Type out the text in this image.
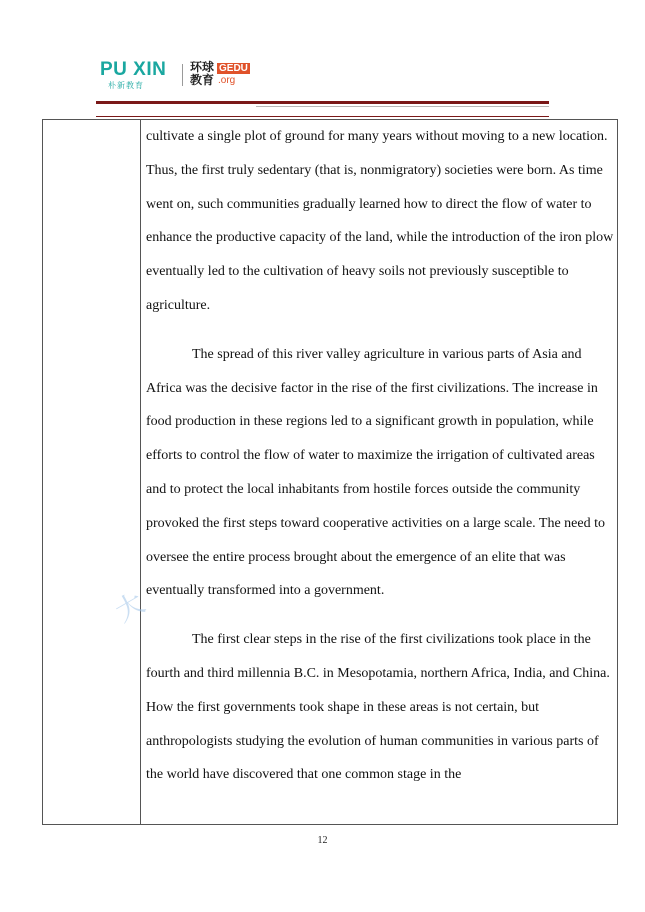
PU XIN
朴新教育
环球
教育
GEDU
.org

cultivate a single plot of ground for many years without moving to a new location. Thus, the first truly sedentary (that is, nonmigratory) societies were born. As time went on, such communities gradually learned how to direct the flow of water to enhance the productive capacity of the land, while the introduction of the iron plow eventually led to the cultivation of heavy soils not previously susceptible to agriculture.

The spread of this river valley agriculture in various parts of Asia and Africa was the decisive factor in the rise of the first civilizations. The increase in food production in these regions led to a significant growth in population, while efforts to control the flow of water to maximize the irrigation of cultivated areas and to protect the local inhabitants from hostile forces outside the community provoked the first steps toward cooperative activities on a large scale. The need to oversee the entire process brought about the emergence of an elite that was eventually transformed into a government.

The first clear steps in the rise of the first civilizations took place in the fourth and third millennia B.C. in Mesopotamia, northern Africa, India, and China. How the first governments took shape in these areas is not certain, but anthropologists studying the evolution of human communities in various parts of the world have discovered that one common stage in the

大
12
